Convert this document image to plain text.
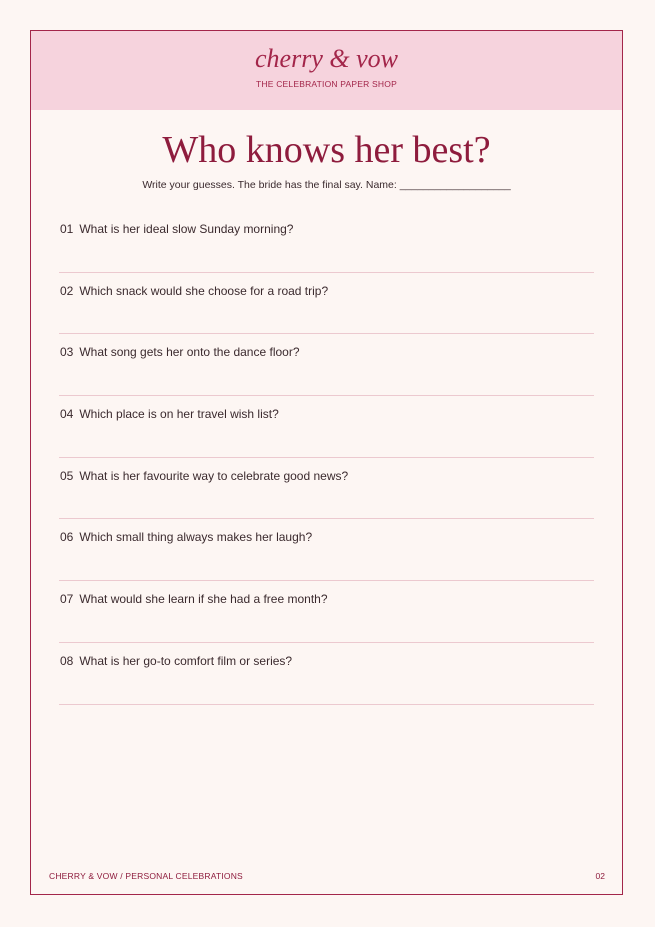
cherry & vow
THE CELEBRATION PAPER SHOP
Who knows her best?
Write your guesses. The bride has the final say. Name: ___________________
01 What is her ideal slow Sunday morning?
02 Which snack would she choose for a road trip?
03 What song gets her onto the dance floor?
04 Which place is on her travel wish list?
05 What is her favourite way to celebrate good news?
06 Which small thing always makes her laugh?
07 What would she learn if she had a free month?
08 What is her go-to comfort film or series?
CHERRY & VOW / PERSONAL CELEBRATIONS	02
